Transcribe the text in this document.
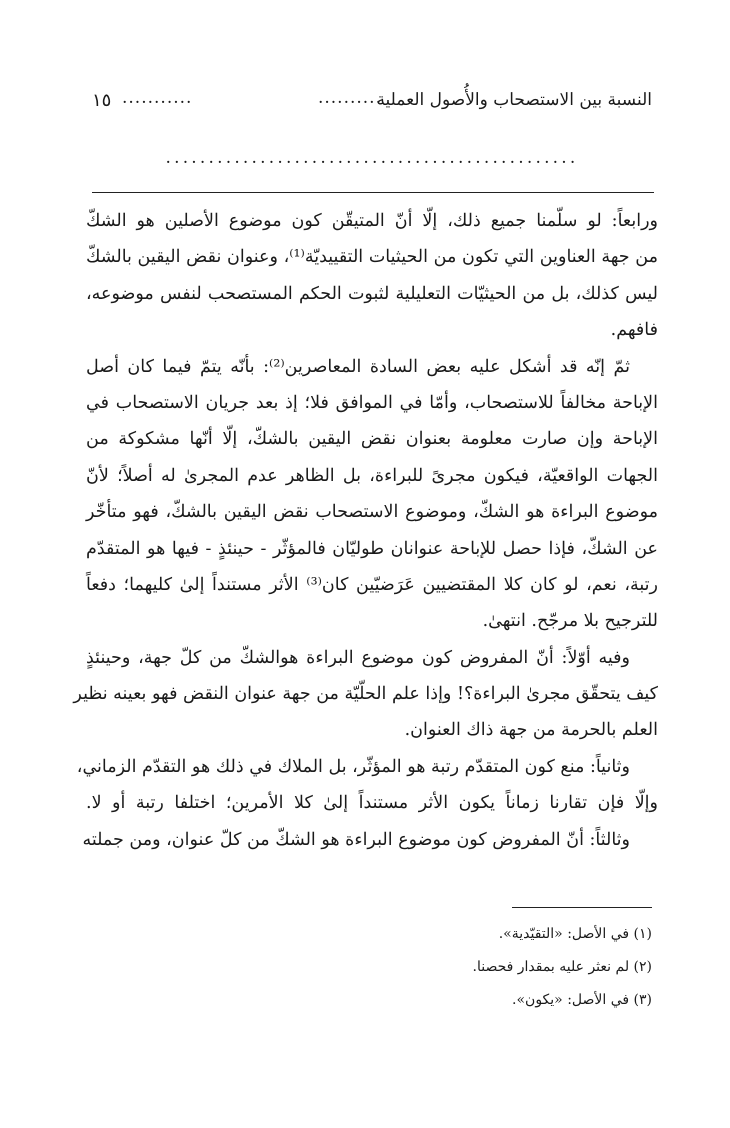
النسبة بين الاستصحاب والأُصول العملية
..........
...........
١٥
................................................
ورابعاً: لو سلّمنا جميع ذلك، إلّا أنّ المتيقّن كون موضوع الأصلين هو الشكّ
من جهة العناوين التي تكون من الحيثيات التقييديّة⁽¹⁾، وعنوان نقض اليقين بالشكّ
ليس كذلك، بل من الحيثيّات التعليلية لثبوت الحكم المستصحب لنفس موضوعه،
فافهم.
ثمّ إنّه قد أشكل عليه بعض السادة المعاصرين⁽²⁾: بأنّه يتمّ فيما كان أصل
الإباحة مخالفاً للاستصحاب، وأمّا في الموافق فلا؛ إذ بعد جريان الاستصحاب في
الإباحة وإن صارت معلومة بعنوان نقض اليقين بالشكّ، إلّا أنّها مشكوكة من
الجهات الواقعيّة، فيكون مجرىً للبراءة، بل الظاهر عدم المجرىٰ له أصلاً؛ لأنّ
موضوع البراءة هو الشكّ، وموضوع الاستصحاب نقض اليقين بالشكّ، فهو متأخّر
عن الشكّ، فإذا حصل للإباحة عنوانان طوليّان فالمؤثّر - حينئذٍ - فيها هو المتقدّم
رتبة، نعم، لو كان كلا المقتضيين عَرَضيّين كان⁽³⁾ الأثر مستنداً إلىٰ كليهما؛ دفعاً
للترجيح بلا مرجّح. انتهىٰ.
وفيه أوّلاً: أنّ المفروض كون موضوع البراءة هوالشكّ من كلّ جهة، وحينئذٍ
كيف يتحقّق مجرىٰ البراءة؟! وإذا علم الحلّيّة من جهة عنوان النقض فهو بعينه نظير
العلم بالحرمة من جهة ذاك العنوان.
وثانياً: منع كون المتقدّم رتبة هو المؤثّر، بل الملاك في ذلك هو التقدّم الزماني،
وإلّا فإن تقارنا زماناً يكون الأثر مستنداً إلىٰ كلا الأمرين؛ اختلفا رتبة أو لا.
وثالثاً: أنّ المفروض كون موضوع البراءة هو الشكّ من كلّ عنوان، ومن جملته
(١) في الأصل: «التقيّدية».
(٢) لم نعثر عليه بمقدار فحصنا.
(٣) في الأصل: «يكون».
